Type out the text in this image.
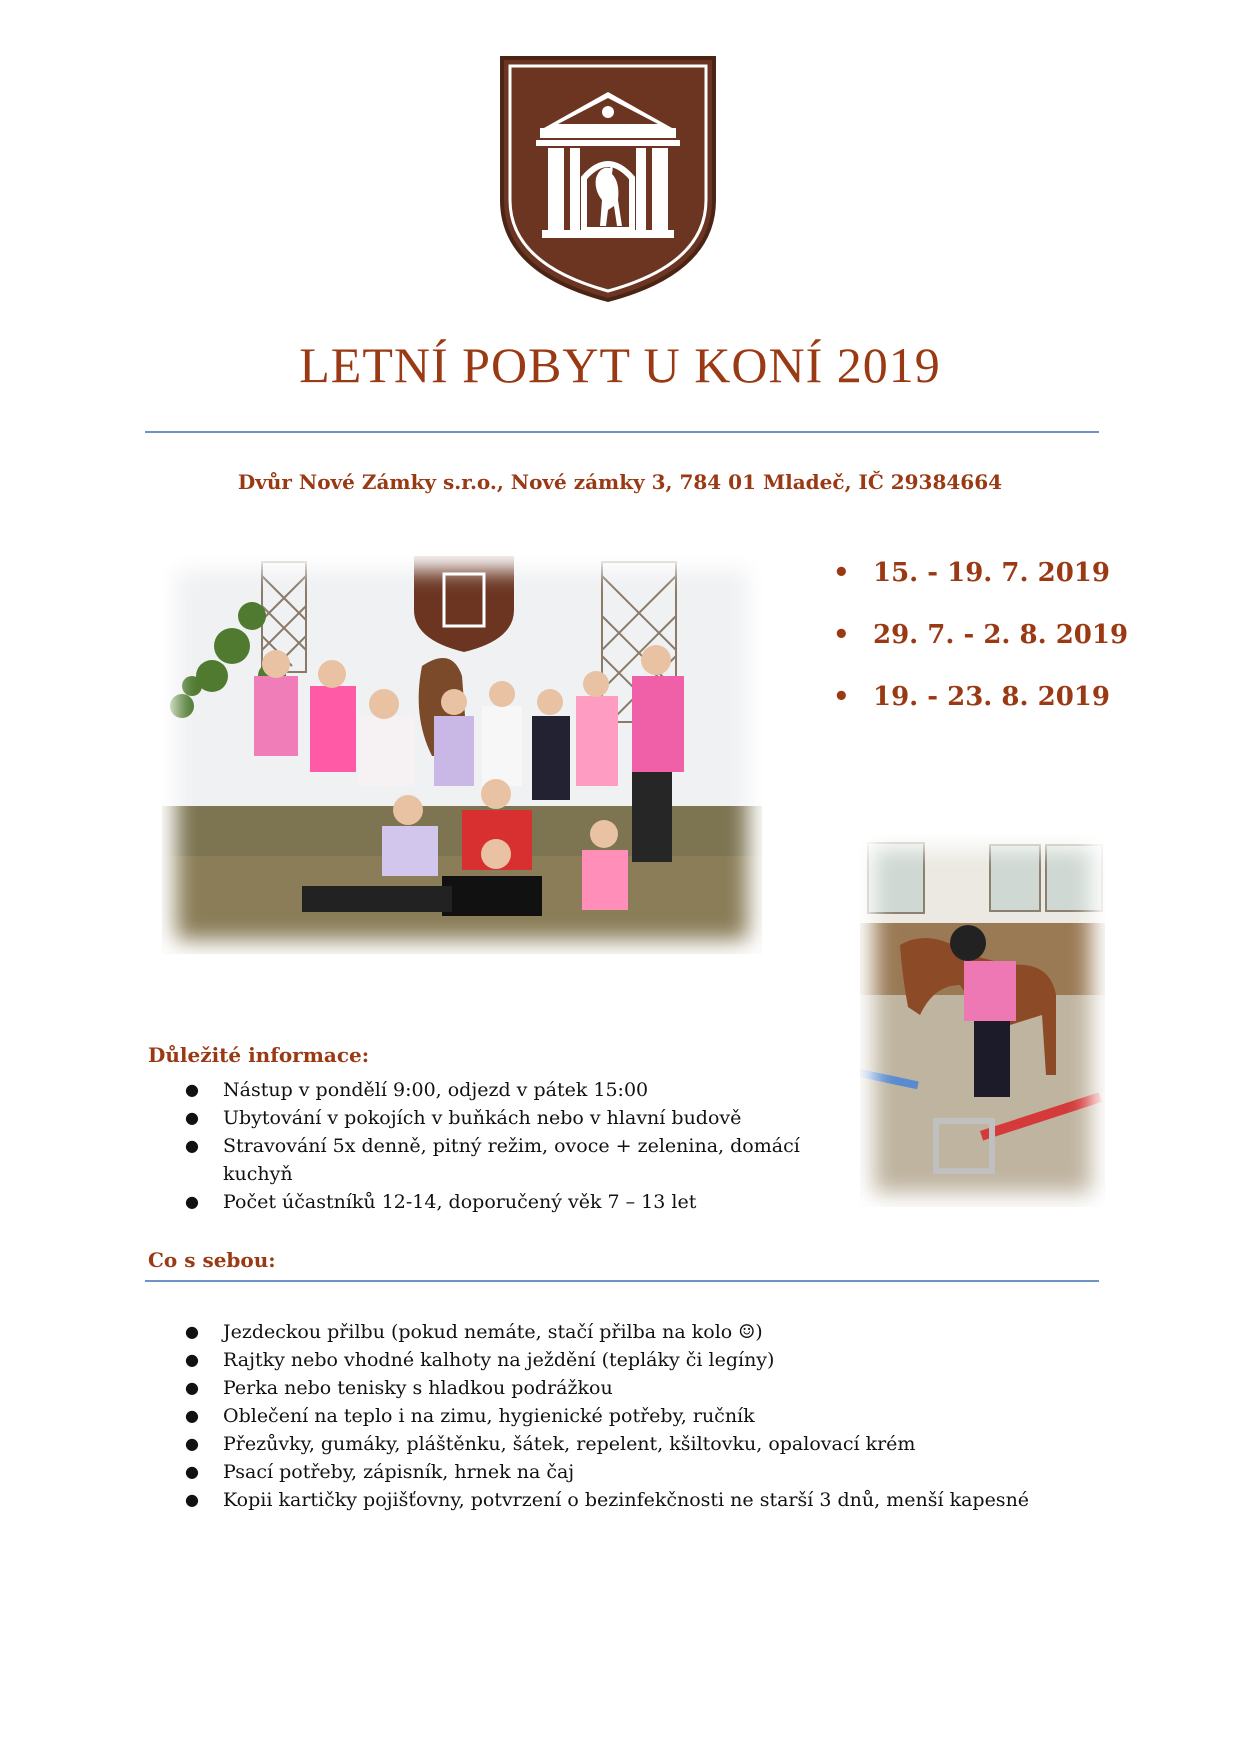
LETNÍ POBYT U KONÍ 2019
Dvůr Nové Zámky s.r.o., Nové zámky 3, 784 01 Mladeč, IČ 29384664
• 15. - 19. 7. 2019
• 29. 7. - 2. 8. 2019
• 19. - 23. 8. 2019
Důležité informace:
● Nástup v pondělí 9:00, odjezd v pátek 15:00
● Ubytování v pokojích v buňkách nebo v hlavní budově
● Stravování 5x denně, pitný režim, ovoce + zelenina, domácí kuchyň
● Počet účastníků 12-14, doporučený věk 7 – 13 let
Co s sebou:
● Jezdeckou přilbu (pokud nemáte, stačí přilba na kolo ☺)
● Rajtky nebo vhodné kalhoty na ježdění (tepláky či legíny)
● Perka nebo tenisky s hladkou podrážkou
● Oblečení na teplo i na zimu, hygienické potřeby, ručník
● Přezůvky, gumáky, pláštěnku, šátek, repelent, kšiltovku, opalovací krém
● Psací potřeby, zápisník, hrnek na čaj
● Kopii kartičky pojišťovny, potvrzení o bezinfekčnosti ne starší 3 dnů, menší kapesné
